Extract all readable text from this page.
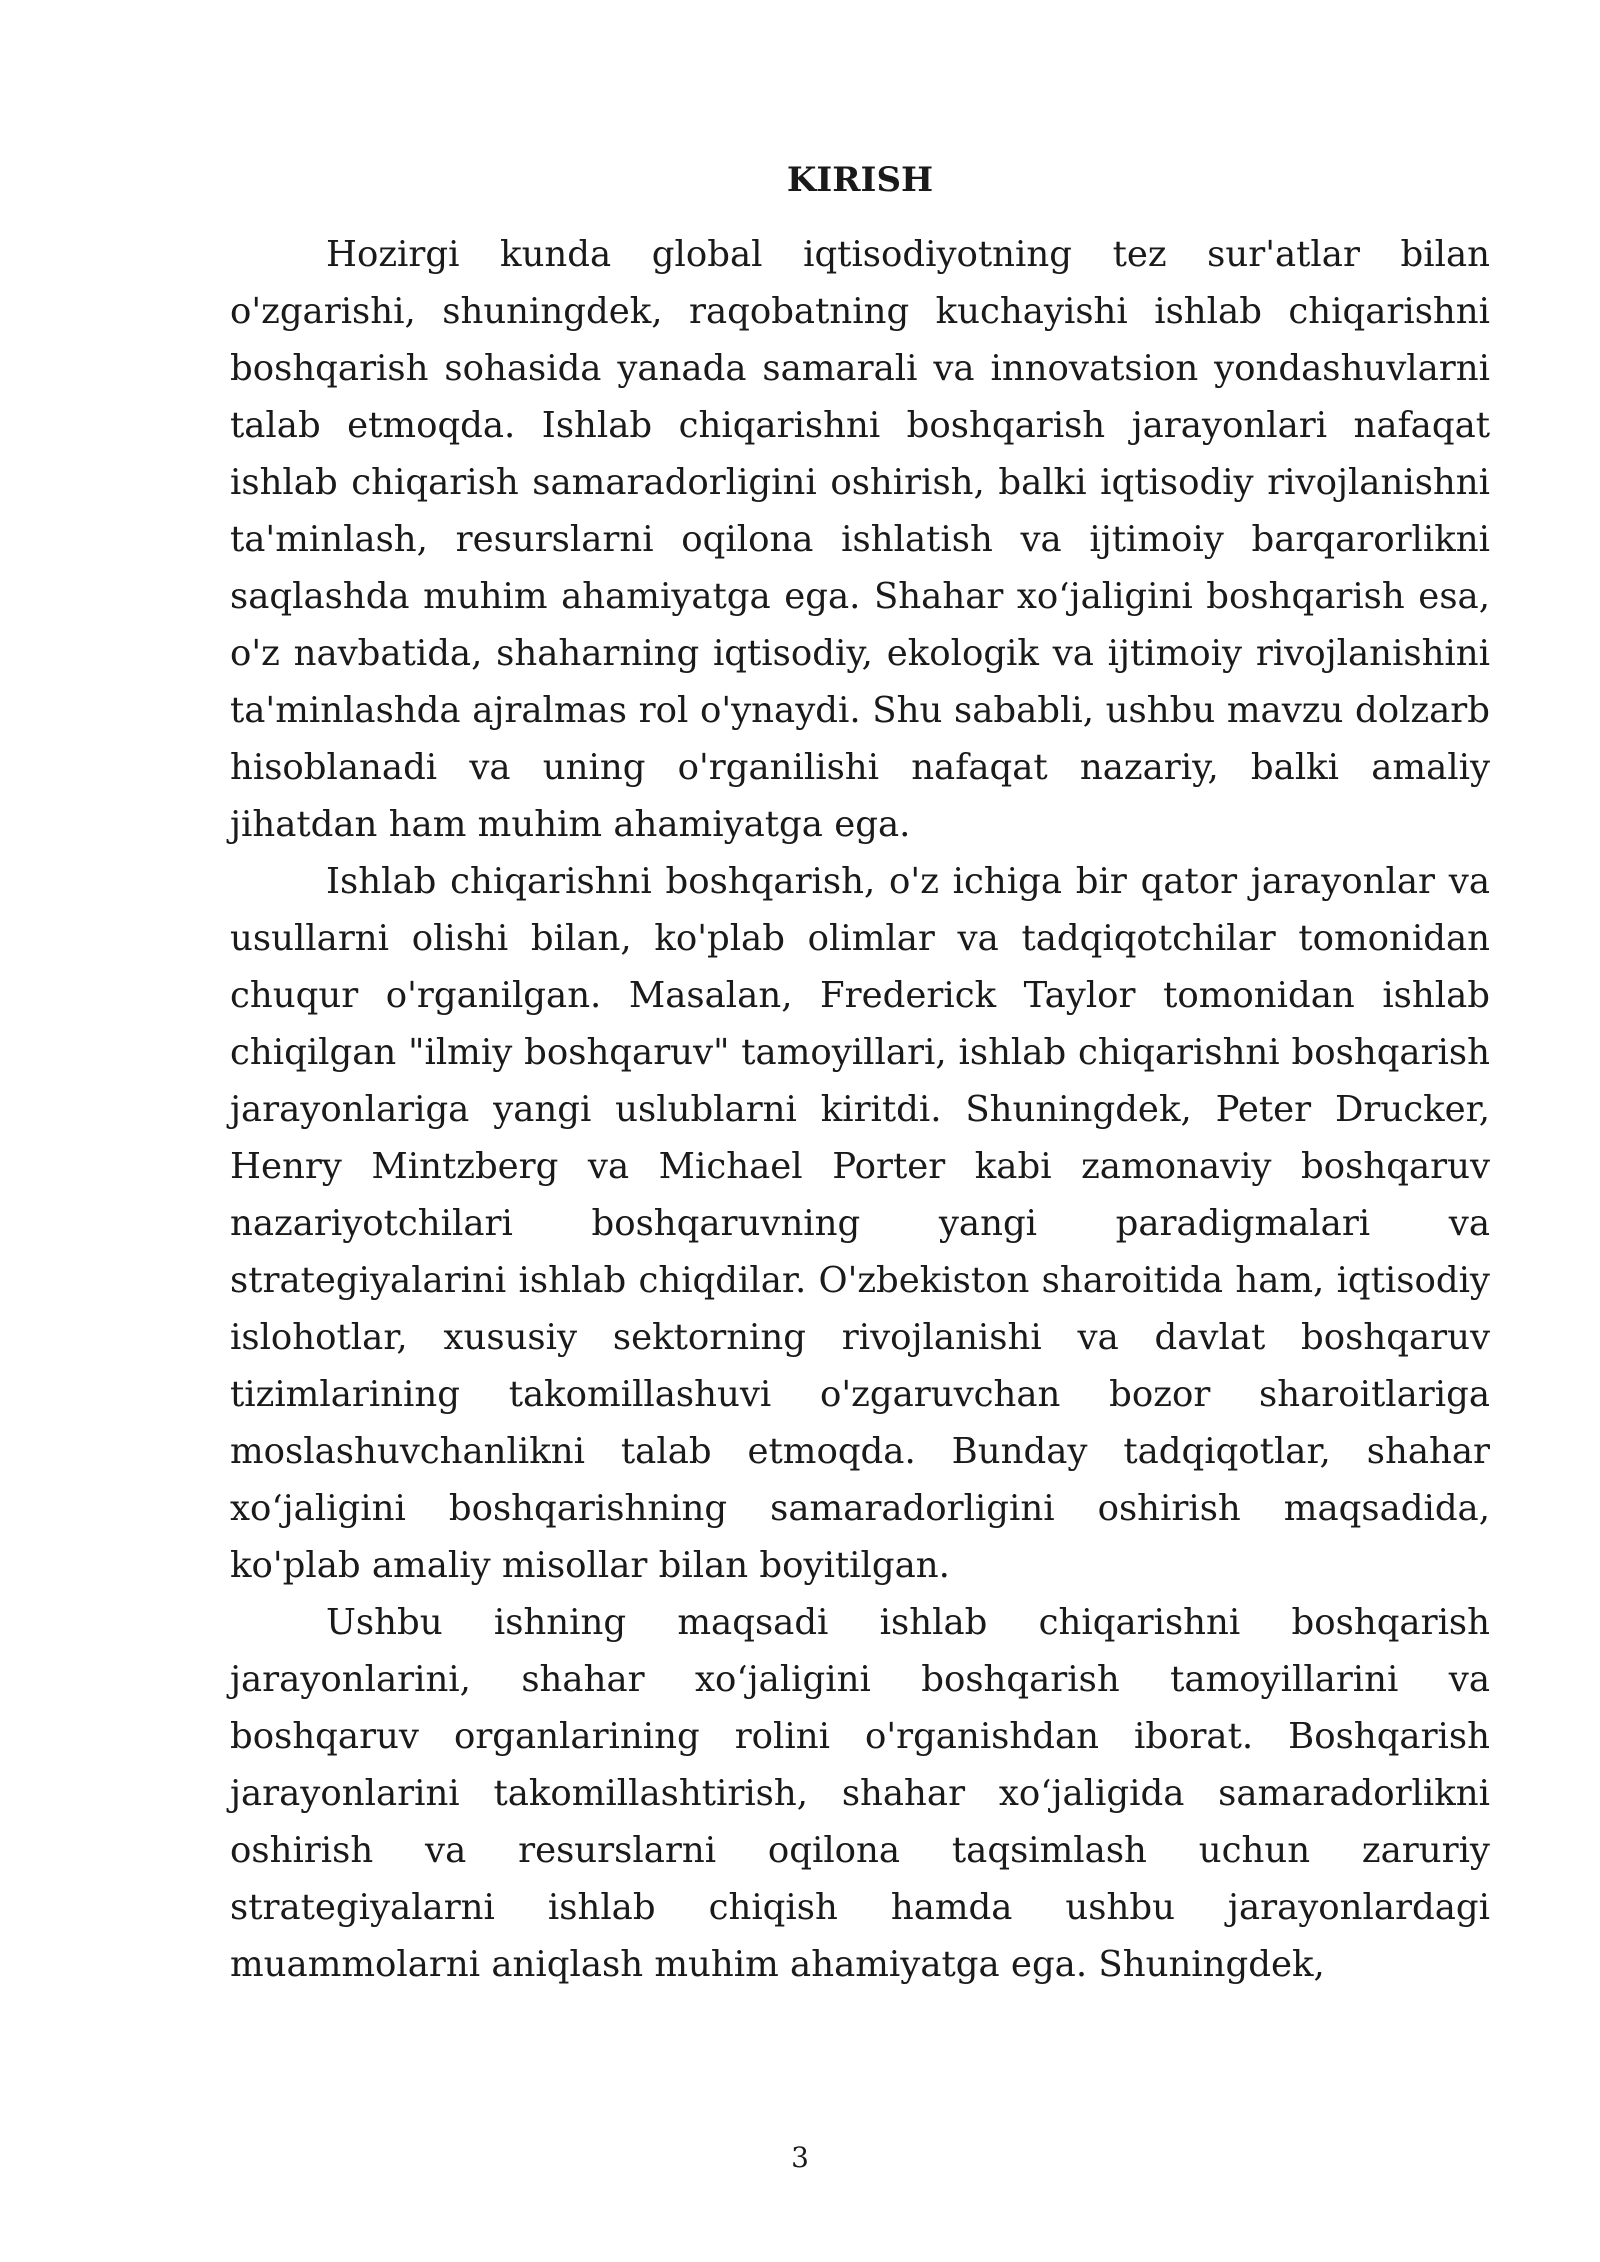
KIRISH

Hozirgi kunda global iqtisodiyotning tez sur'atlar bilan o'zgarishi, shuningdek, raqobatning kuchayishi ishlab chiqarishni boshqarish sohasida yanada samarali va innovatsion yondashuvlarni talab etmoqda. Ishlab chiqarishni boshqarish jarayonlari nafaqat ishlab chiqarish samaradorligini oshirish, balki iqtisodiy rivojlanishni ta'minlash, resurslarni oqilona ishlatish va ijtimoiy barqarorlikni saqlashda muhim ahamiyatga ega. Shahar xo‘jaligini boshqarish esa, o'z navbatida, shaharning iqtisodiy, ekologik va ijtimoiy rivojlanishini ta'minlashda ajralmas rol o'ynaydi. Shu sababli, ushbu mavzu dolzarb hisoblanadi va uning o'rganilishi nafaqat nazariy, balki amaliy jihatdan ham muhim ahamiyatga ega.

Ishlab chiqarishni boshqarish, o'z ichiga bir qator jarayonlar va usullarni olishi bilan, ko'plab olimlar va tadqiqotchilar tomonidan chuqur o'rganilgan. Masalan, Frederick Taylor tomonidan ishlab chiqilgan "ilmiy boshqaruv" tamoyillari, ishlab chiqarishni boshqarish jarayonlariga yangi uslublarni kiritdi. Shuningdek, Peter Drucker, Henry Mintzberg va Michael Porter kabi zamonaviy boshqaruv nazariyotchilari boshqaruvning yangi paradigmalari va strategiyalarini ishlab chiqdilar. O'zbekiston sharoitida ham, iqtisodiy islohotlar, xususiy sektorning rivojlanishi va davlat boshqaruv tizimlarining takomillashuvi o'zgaruvchan bozor sharoitlariga moslashuvchanlikni talab etmoqda. Bunday tadqiqotlar, shahar xo‘jaligini boshqarishning samaradorligini oshirish maqsadida, ko'plab amaliy misollar bilan boyitilgan.

Ushbu ishning maqsadi ishlab chiqarishni boshqarish jarayonlarini, shahar xo‘jaligini boshqarish tamoyillarini va boshqaruv organlarining rolini o'rganishdan iborat. Boshqarish jarayonlarini takomillashtirish, shahar xo‘jaligida samaradorlikni oshirish va resurslarni oqilona taqsimlash uchun zaruriy strategiyalarni ishlab chiqish hamda ushbu jarayonlardagi muammolarni aniqlash muhim ahamiyatga ega. Shuningdek,

3
